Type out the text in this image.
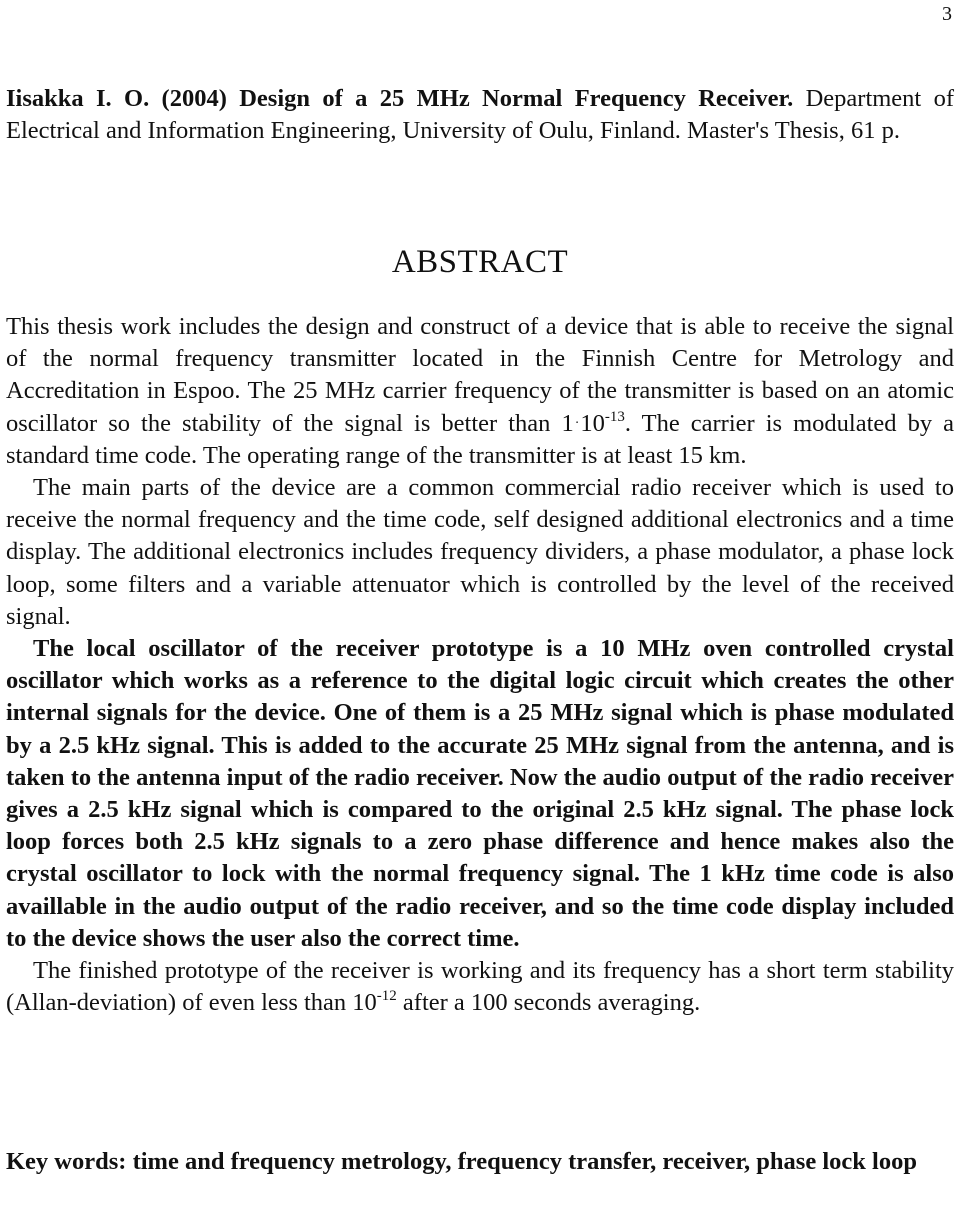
3
Iisakka I. O. (2004) Design of a 25 MHz Normal Frequency Receiver. Department of Electrical and Information Engineering, University of Oulu, Finland. Master's Thesis, 61 p.
ABSTRACT

This thesis work includes the design and construct of a device that is able to receive the signal of the normal frequency transmitter located in the Finnish Centre for Metrology and Accreditation in Espoo. The 25 MHz carrier frequency of the transmitter is based on an atomic oscillator so the stability of the signal is better than $1\cdot 10^{-13}$. The carrier is modulated by a standard time code. The operating range of the transmitter is at least 15 km.

The main parts of the device are a common commercial radio receiver which is used to receive the normal frequency and the time code, self designed additional electronics and a time display. The additional electronics includes frequency dividers, a phase modulator, a phase lock loop, some filters and a variable attenuator which is controlled by the level of the received signal.

The local oscillator of the receiver prototype is a 10 MHz oven controlled crystal oscillator which works as a reference to the digital logic circuit which creates the other internal signals for the device. One of them is a 25 MHz signal which is phase modulated by a 2.5 kHz signal. This is added to the accurate 25 MHz signal from the antenna, and is taken to the antenna input of the radio receiver. Now the audio output of the radio receiver gives a 2.5 kHz signal which is compared to the original 2.5 kHz signal. The phase lock loop forces both 2.5 kHz signals to a zero phase difference and hence makes also the crystal oscillator to lock with the normal frequency signal. The 1 kHz time code is also availlable in the audio output of the radio receiver, and so the time code display included to the device shows the user also the correct time.

The finished prototype of the receiver is working and its frequency has a short term stability (Allan-deviation) of even less than $10^{-12}$ after a 100 seconds averaging.

Key words: time and frequency metrology, frequency transfer, receiver, phase lock loop
